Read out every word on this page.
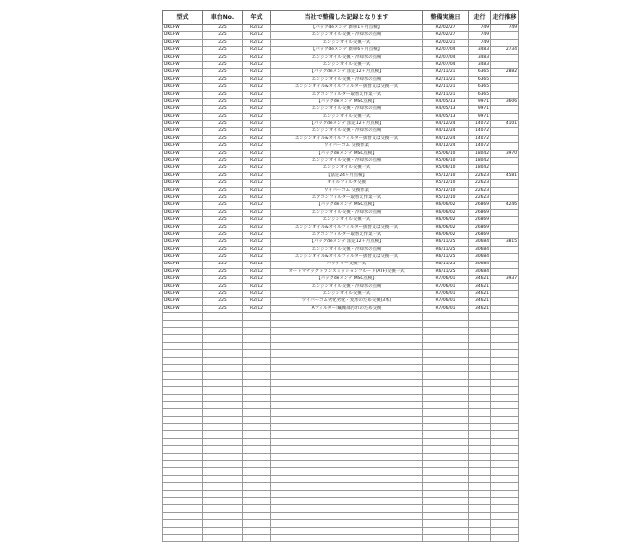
型式	車台No.	年式	当社で整備した記録となります	整備実施日	走行	走行推移
DKLFW	225	R2/12	【パックdeメンテ 新車1ヶ月点検】	R2/02/27	749	749
DKLFW	225	R2/12	エンジンオイル交換・冷却水の点検	R2/02/27	749	
DKLFW	225	R2/12	エンジンオイル交換一式	R2/02/21	749	
DKLFW	225	R2/12	【パックdeメンテ 新車6ヶ月点検】	R2/07/04	3483	2734
DKLFW	225	R2/12	エンジンオイル交換・冷却水の点検	R2/07/04	3483	
DKLFW	225	R2/12	エンジンオイル交換一式	R2/07/04	3483	
DKLFW	225	R2/12	【パックdeメンテ 法定12ヶ月点検】	R2/11/21	6365	2882
DKLFW	225	R2/12	エンジンオイル交換・冷却水の点検	R2/11/21	6365	
DKLFW	225	R2/12	エンジンオイル&オイルフィルター抜替又は交換一式	R2/11/21	6365	
DKLFW	225	R2/12	エアコンフィルター取替え作業一式	R2/11/21	6365	
DKLFW	225	R2/12	【パックdeメンテ MSC点検】	R4/05/13	9971	3606
DKLFW	225	R2/12	エンジンオイル交換・冷却水の点検	R4/05/13	9971	
DKLFW	225	R2/12	エンジンオイル交換一式	R4/05/13	9971	
DKLFW	225	R2/12	【パックdeメンテ 法定12ヶ月点検】	R4/12/24	14072	4101
DKLFW	225	R2/12	エンジンオイル交換・冷却水の点検	R4/12/24	14072	
DKLFW	225	R2/12	エンジンオイル&オイルフィルター抜替又は交換一式	R4/12/24	14072	
DKLFW	225	R2/12	ワイパーゴム 交換作業	R4/12/24	14072	
DKLFW	225	R2/12	【パックdeメンテ MSC点検】	R5/06/10	18042	3970
DKLFW	225	R2/12	エンジンオイル交換・冷却水の点検	R5/06/10	18042	
DKLFW	225	R2/12	エンジンオイル交換一式	R5/06/10	18042	
DKLFW	225	R2/12	【法定24ヶ月点検】	R5/12/10	22623	4581
DKLFW	225	R2/12	オイルフィルタ交換	R5/12/10	22623	
DKLFW	225	R2/12	ワイパーゴム 交換作業	R5/12/10	22623	
DKLFW	225	R2/12	エアコンフィルター取替え作業一式	R5/12/10	22623	
DKLFW	225	R2/12	【パックdeメンテ MSC点検】	R6/06/02	26869	4246
DKLFW	225	R2/12	エンジンオイル交換・冷却水の点検	R6/06/02	26869	
DKLFW	225	R2/12	エンジンオイル交換一式	R6/06/02	26869	
DKLFW	225	R2/12	エンジンオイル&オイルフィルター抜替又は交換一式	R6/06/02	26869	
DKLFW	225	R2/12	エアコンフィルター取替え作業一式	R6/06/02	26869	
DKLFW	225	R2/12	【パックdeメンテ 法定12ヶ月点検】	R6/11/25	30684	3815
DKLFW	225	R2/12	エンジンオイル交換・冷却水の点検	R6/11/25	30684	
DKLFW	225	R2/12	エンジンオイル&オイルフィルター抜替又は交換一式	R6/11/25	30684	
DKLFW	225	R2/12	バッテリー交換一式	R6/11/25	30684	
DKLFW	225	R2/12	オートマチックトランスミッションフルード(ATF)交換一式	R6/11/25	30684	
DKLFW	225	R2/12	【パックdeメンテ MSC点検】	R7/06/01	34621	3937
DKLFW	225	R2/12	エンジンオイル交換・冷却水の点検	R7/06/01	34621	
DKLFW	225	R2/12	エンジンオイル交換一式	R7/06/01	34621	
DKLFW	225	R2/12	ワイパーゴム劣化劣化・変形のため交換(3本)	R7/06/01	34621	
DKLFW	225	R2/12	Aフィルター:繊維部汚れのため交換	R7/06/01	34621	
